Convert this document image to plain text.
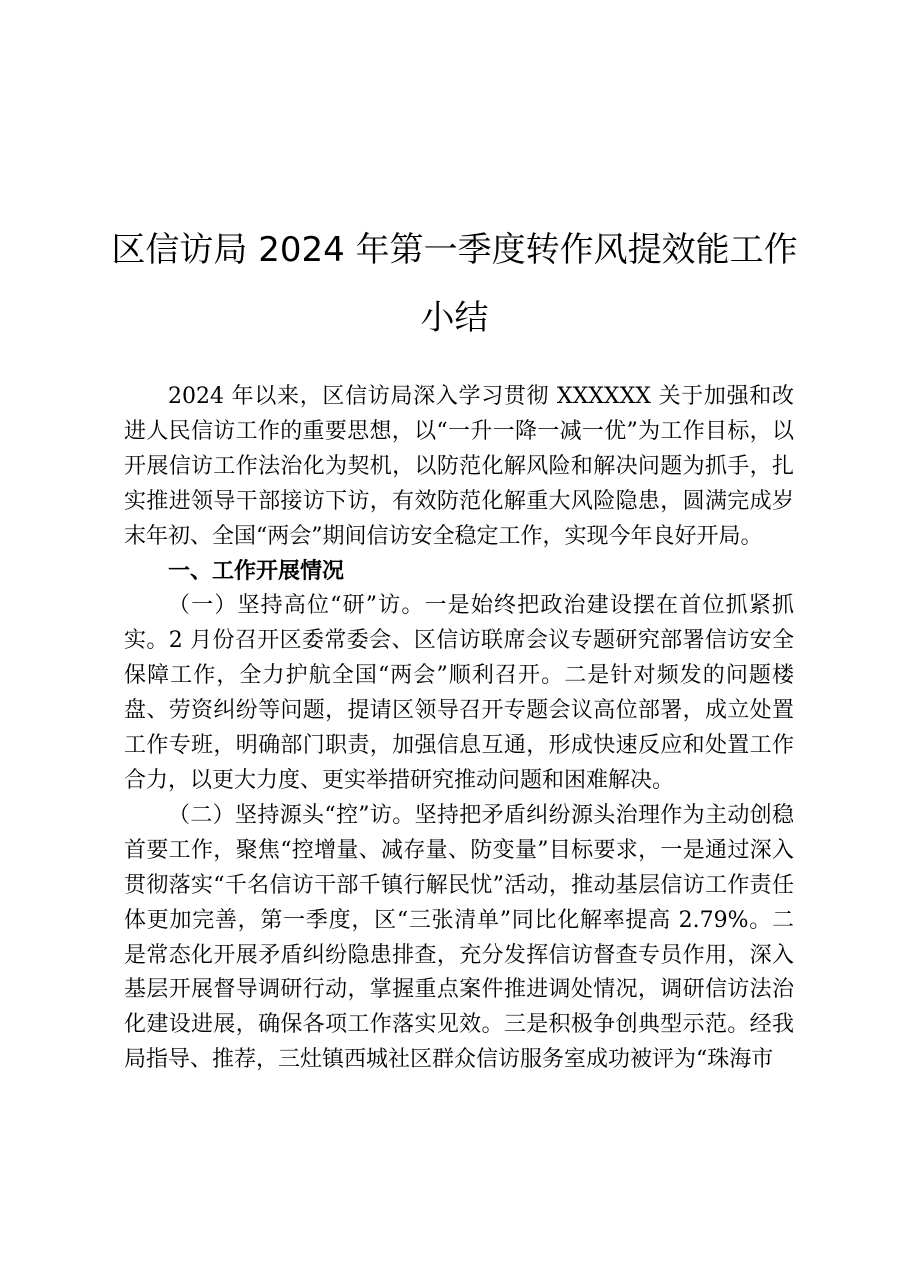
区信访局 2024 年第一季度转作风提效能工作
小结

2024 年以来，区信访局深入学习贯彻 XXXXXX 关于加强和改进人民信访工作的重要思想，以“一升一降一减一优”为工作目标，以开展信访工作法治化为契机，以防范化解风险和解决问题为抓手，扎实推进领导干部接访下访，有效防范化解重大风险隐患，圆满完成岁末年初、全国“两会”期间信访安全稳定工作，实现今年良好开局。

一、工作开展情况

（一）坚持高位“研”访。一是始终把政治建设摆在首位抓紧抓实。2 月份召开区委常委会、区信访联席会议专题研究部署信访安全保障工作，全力护航全国“两会”顺利召开。二是针对频发的问题楼盘、劳资纠纷等问题，提请区领导召开专题会议高位部署，成立处置工作专班，明确部门职责，加强信息互通，形成快速反应和处置工作合力，以更大力度、更实举措研究推动问题和困难解决。

（二）坚持源头“控”访。坚持把矛盾纠纷源头治理作为主动创稳首要工作，聚焦“控增量、减存量、防变量”目标要求，一是通过深入贯彻落实“千名信访干部千镇行解民忧”活动，推动基层信访工作责任体更加完善，第一季度，区“三张清单”同比化解率提高 2.79%。二是常态化开展矛盾纠纷隐患排查，充分发挥信访督查专员作用，深入基层开展督导调研行动，掌握重点案件推进调处情况，调研信访法治化建设进展，确保各项工作落实见效。三是积极争创典型示范。经我局指导、推荐，三灶镇西城社区群众信访服务室成功被评为“珠海市
